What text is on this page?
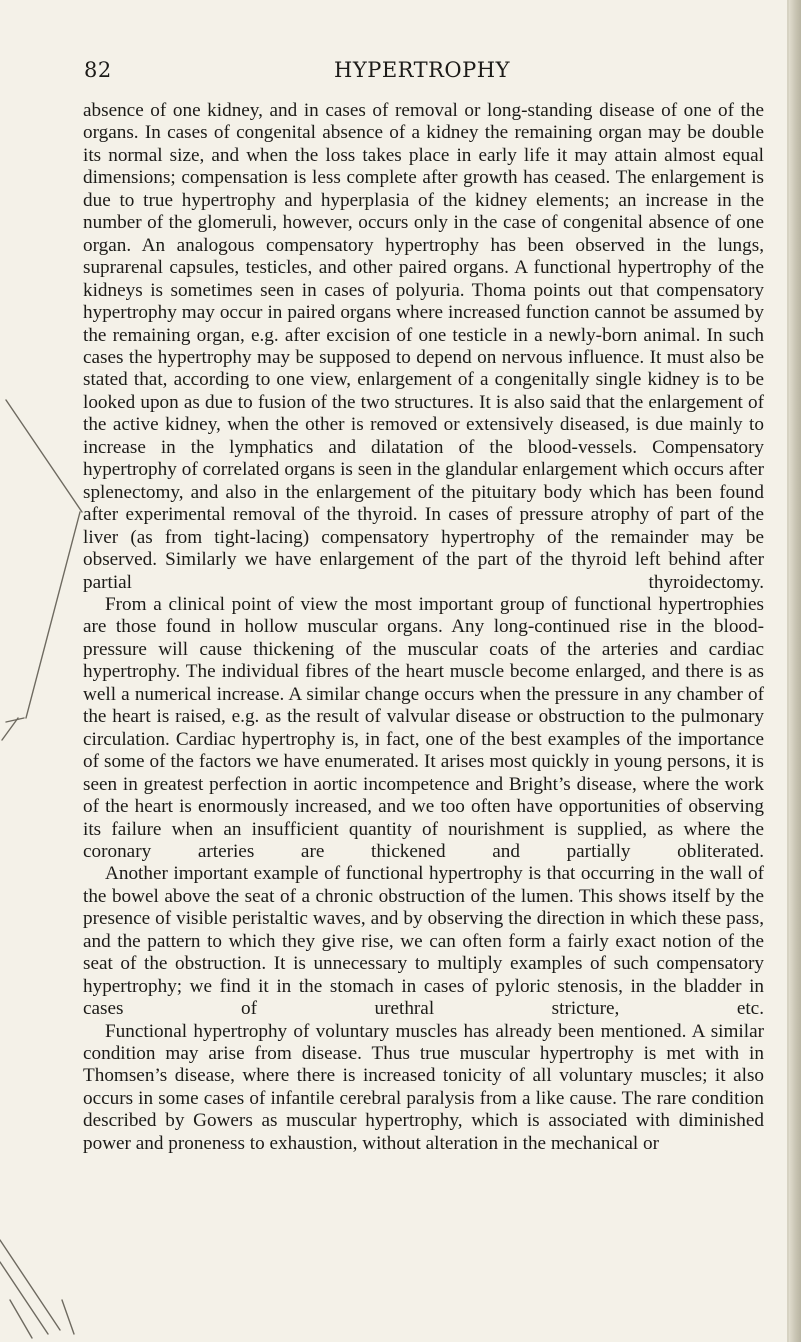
82	HYPERTROPHY

absence of one kidney, and in cases of removal or long-standing disease of one of the organs. In cases of congenital absence of a kidney the remaining organ may be double its normal size, and when the loss takes place in early life it may attain almost equal dimensions; compensation is less complete after growth has ceased. The enlargement is due to true hypertrophy and hyperplasia of the kidney elements; an increase in the number of the glomeruli, however, occurs only in the case of congenital absence of one organ. An analogous compensatory hypertrophy has been observed in the lungs, suprarenal capsules, testicles, and other paired organs. A functional hypertrophy of the kidneys is sometimes seen in cases of polyuria. Thoma points out that compensatory hypertrophy may occur in paired organs where increased function cannot be assumed by the remaining organ, e.g. after excision of one testicle in a newly-born animal. In such cases the hypertrophy may be supposed to depend on nervous influence. It must also be stated that, according to one view, enlargement of a congenitally single kidney is to be looked upon as due to fusion of the two structures. It is also said that the enlargement of the active kidney, when the other is removed or extensively diseased, is due mainly to increase in the lymphatics and dilatation of the blood-vessels. Compensatory hypertrophy of correlated organs is seen in the glandular enlargement which occurs after splenectomy, and also in the enlargement of the pituitary body which has been found after experimental removal of the thyroid. In cases of pressure atrophy of part of the liver (as from tight-lacing) compensatory hypertrophy of the remainder may be observed. Similarly we have enlargement of the part of the thyroid left behind after partial thyroidectomy.

From a clinical point of view the most important group of functional hypertrophies are those found in hollow muscular organs. Any long-continued rise in the blood-pressure will cause thickening of the muscular coats of the arteries and cardiac hypertrophy. The individual fibres of the heart muscle become enlarged, and there is as well a numerical increase. A similar change occurs when the pressure in any chamber of the heart is raised, e.g. as the result of valvular disease or obstruction to the pulmonary circulation. Cardiac hypertrophy is, in fact, one of the best examples of the importance of some of the factors we have enumerated. It arises most quickly in young persons, it is seen in greatest perfection in aortic incompetence and Bright’s disease, where the work of the heart is enormously increased, and we too often have opportunities of observing its failure when an insufficient quantity of nourishment is supplied, as where the coronary arteries are thickened and partially obliterated.

Another important example of functional hypertrophy is that occurring in the wall of the bowel above the seat of a chronic obstruction of the lumen. This shows itself by the presence of visible peristaltic waves, and by observing the direction in which these pass, and the pattern to which they give rise, we can often form a fairly exact notion of the seat of the obstruction. It is unnecessary to multiply examples of such compensatory hypertrophy; we find it in the stomach in cases of pyloric stenosis, in the bladder in cases of urethral stricture, etc.

Functional hypertrophy of voluntary muscles has already been mentioned. A similar condition may arise from disease. Thus true muscular hypertrophy is met with in Thomsen’s disease, where there is increased tonicity of all voluntary muscles; it also occurs in some cases of infantile cerebral paralysis from a like cause. The rare condition described by Gowers as muscular hypertrophy, which is associated with diminished power and proneness to exhaustion, without alteration in the mechanical or
